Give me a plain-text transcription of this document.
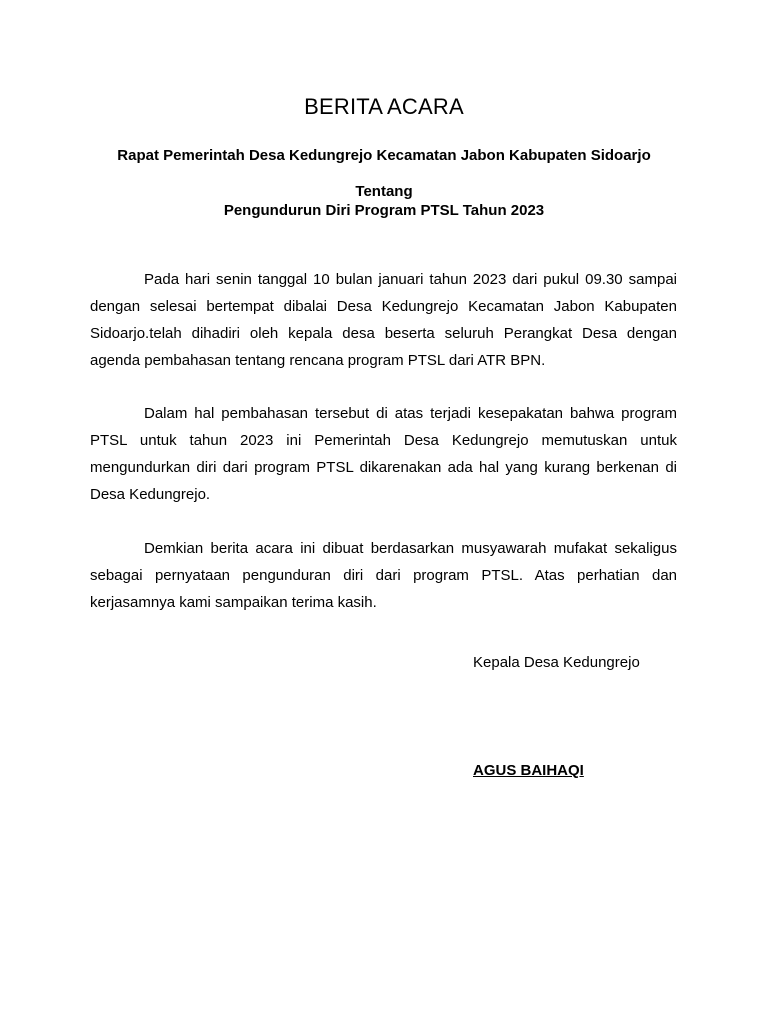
BERITA ACARA
Rapat Pemerintah Desa Kedungrejo Kecamatan Jabon Kabupaten Sidoarjo
Tentang
Pengundurun Diri Program PTSL Tahun 2023

Pada hari senin tanggal 10 bulan januari tahun 2023 dari pukul 09.30 sampai dengan selesai bertempat dibalai Desa Kedungrejo Kecamatan Jabon Kabupaten Sidoarjo.telah dihadiri oleh kepala desa beserta seluruh Perangkat Desa dengan agenda pembahasan tentang rencana program PTSL dari ATR BPN.

Dalam hal pembahasan tersebut di atas terjadi kesepakatan bahwa program PTSL untuk tahun 2023 ini Pemerintah Desa Kedungrejo memutuskan untuk mengundurkan diri dari program PTSL dikarenakan ada hal yang kurang berkenan di Desa Kedungrejo.

Demkian berita acara ini dibuat berdasarkan musyawarah mufakat sekaligus sebagai pernyataan pengunduran diri dari program PTSL. Atas perhatian dan kerjasamnya kami sampaikan terima kasih.

Kepala Desa Kedungrejo
AGUS BAIHAQI
